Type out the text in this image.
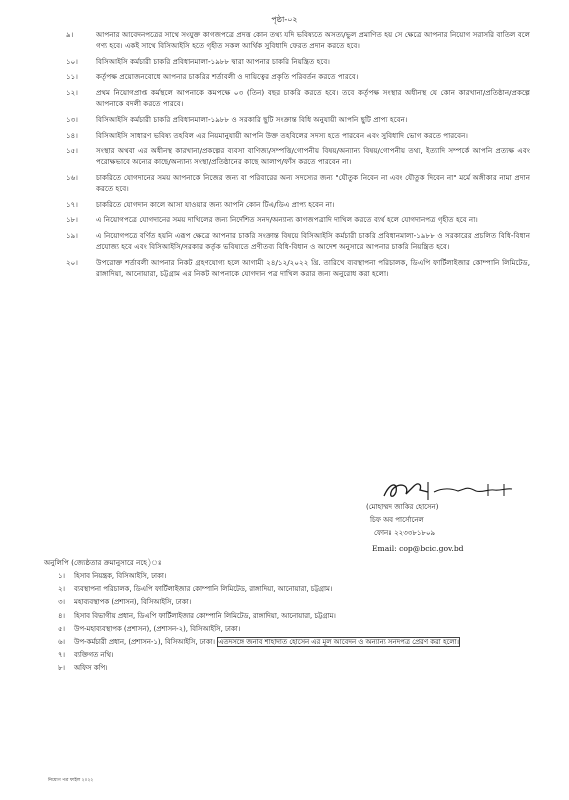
পৃষ্ঠা-০২
৯।	আপনার আবেদনপত্রের সাথে সংযুক্ত কাগজপত্রে প্রদত্ত কোন তথ্য যদি ভবিষ্যতে অসত্য/ভুল প্রমাণিত হয় সে ক্ষেত্রে আপনার নিয়োগ সরাসরি বাতিল বলে গণ্য হবে। একই সাথে বিসিআইসি হতে গৃহীত সকল আর্থিক সুবিধাদি ফেরত প্রদান করতে হবে।
১০।	বিসিআইসি কর্মচারী চাকরি প্রবিধানমালা-১৯৮৮ দ্বারা আপনার চাকরি নিয়ন্ত্রিত হবে।
১১।	কর্তৃপক্ষ প্রয়োজনবোধে আপনার চাকরির শর্তাবলী ও দায়িত্বের প্রকৃতি পরিবর্তন করতে পারবে।
১২।	প্রথম নিয়োগপ্রাপ্ত কর্মস্থলে আপনাকে কমপক্ষে ০৩ (তিন) বছর চাকরি করতে হবে। তবে কর্তৃপক্ষ সংস্থার অধীনস্থ যে কোন কারখানা/প্রতিষ্ঠান/প্রকল্পে আপনাকে বদলী করতে পারবে।
১৩।	বিসিআইসি কর্মচারী চাকরি প্রবিধানমালা-১৯৮৮ ও সরকারি ছুটি সংক্রান্ত বিধি অনুযায়ী আপনি ছুটি প্রাপ্য হবেন।
১৪।	বিসিআইসি সাধারণ ভবিষ্য তহবিল এর নিয়মানুযায়ী আপনি উক্ত তহবিলের সদস্য হতে পারবেন এবং সুবিধাদি ভোগ করতে পারবেন।
১৫।	সংস্থার অথবা এর অধীনস্থ কারখানা/প্রকল্পের ব্যবসা বাণিজ্য/সম্পত্তি/গোপনীয় বিষয়/অন্যান্য বিষয়/গোপনীয় তথ্য, ইত্যাদি সম্পর্কে আপনি প্রত্যক্ষ এবং পরোক্ষভাবে অন্যের কাছে/অন্যান্য সংস্থা/প্রতিষ্ঠানের কাছে আলাপ/ফাঁস করতে পারবেন না।
১৬।	চাকরিতে যোগদানের সময় আপনাকে নিজের জন্য বা পরিবারের অন্য সদস্যের জন্য "যৌতুক নিবেন না এবং যৌতুক দিবেন না" মর্মে অঙ্গীকার নামা প্রদান করতে হবে।
১৭।	চাকরিতে যোগদান কালে আসা যাওয়ার জন্য আপনি কোন টিএ/ডিএ প্রাপ্য হবেন না।
১৮।	এ নিয়োগপত্রে যোগদানের সময় দাখিলের জন্য নির্দেশিত সনদ/অন্যান্য কাগজপত্রাদি দাখিল করতে ব্যর্থ হলে যোগদানপত্র গৃহীত হবে না।
১৯।	এ নিয়োগপত্রে বর্ণিত হয়নি এরূপ ক্ষেত্রে আপনার চাকরি সংক্রান্ত বিষয়ে বিসিআইসি কর্মচারী চাকরি প্রবিধানমালা-১৯৮৮ ও সরকারের প্রচলিত বিধি-বিধান প্রযোজ্য হবে এবং বিসিআইসি/সরকার কর্তৃক ভবিষ্যতে প্রণীতব্য বিধি-বিধান ও আদেশ অনুসারে আপনার চাকরি নিয়ন্ত্রিত হবে।
২০।	উপরোক্ত শর্তাবলী আপনার নিকট গ্রহণযোগ্য হলে আগামী ২৪/১২/২০২২ খ্রি. তারিখে ব্যবস্থাপনা পরিচালক, ডিএপি ফার্টিলাইজার কোম্পানি লিমিটেড, রাঙ্গাদিয়া, আনোয়ারা, চট্টগ্রাম এর নিকট আপনাকে যোগদান পত্র দাখিল করার জন্য অনুরোধ করা হলো।
(মোহাম্মদ জাকির হোসেন)
চিফ অব পার্সোনেল
ফোনঃ ২২৩৩৮১৮০৯
Email: cop@bcic.gov.bd
অনুলিপি (জ্যেষ্ঠতার ক্রমানুসারে নহে)ঃ
১।	হিসাব নিয়ন্ত্রক, বিসিআইসি, ঢাকা।
২।	ব্যবস্থাপনা পরিচালক, ডিএপি ফার্টিলাইজার কোম্পানি লিমিটেড, রাঙ্গাদিয়া, আনোয়ারা, চট্টগ্রাম।
৩।	মহাব্যবস্থাপক (প্রশাসন), বিসিআইসি, ঢাকা।
৪।	হিসাব বিভাগীয় প্রধান, ডিএপি ফার্টিলাইজার কোম্পানি লিমিটেড, রাঙ্গাদিয়া, আনোয়ারা, চট্টগ্রাম।
৫।	উপ-মহাব্যবস্থাপক (প্রশাসন), (প্রশাসন-২), বিসিআইসি, ঢাকা।
৬।	উপ-কর্মচারী প্রধান, (প্রশাসন-১), বিসিআইসি, ঢাকা। এতদসঙ্গে জনাব শাহাদাত হোসেন এর মূল আবেদন ও অন্যান্য সনদপত্র প্রেরণ করা হলো।
৭।	ব্যক্তিগত নথি।
৮।	অফিস কপি।
নিয়োগ পত্র ফাইল ২০২২
